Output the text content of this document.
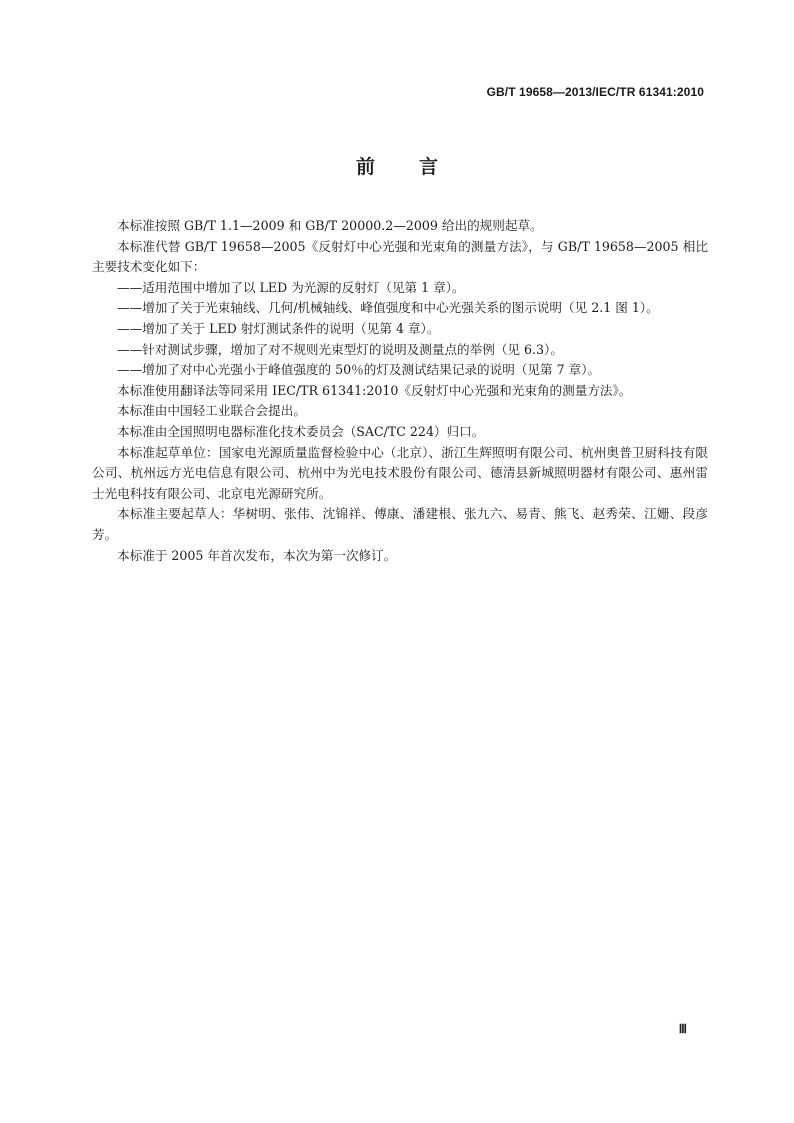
GB/T 19658—2013/IEC/TR 61341:2010
前 言

本标准按照 GB/T 1.1—2009 和 GB/T 20000.2—2009 给出的规则起草。

本标准代替 GB/T 19658—2005《反射灯中心光强和光束角的测量方法》，与 GB/T 19658—2005 相比主要技术变化如下：

——适用范围中增加了以 LED 为光源的反射灯（见第 1 章）。

——增加了关于光束轴线、几何/机械轴线、峰值强度和中心光强关系的图示说明（见 2.1 图 1）。

——增加了关于 LED 射灯测试条件的说明（见第 4 章）。

——针对测试步骤，增加了对不规则光束型灯的说明及测量点的举例（见 6.3）。

——增加了对中心光强小于峰值强度的 50％的灯及测试结果记录的说明（见第 7 章）。

本标准使用翻译法等同采用 IEC/TR 61341:2010《反射灯中心光强和光束角的测量方法》。

本标准由中国轻工业联合会提出。

本标准由全国照明电器标准化技术委员会（SAC/TC 224）归口。

本标准起草单位：国家电光源质量监督检验中心（北京）、浙江生辉照明有限公司、杭州奥普卫厨科技有限公司、杭州远方光电信息有限公司、杭州中为光电技术股份有限公司、德清县新城照明器材有限公司、惠州雷士光电科技有限公司、北京电光源研究所。

本标准主要起草人：华树明、张伟、沈锦祥、傅康、潘建根、张九六、易青、熊飞、赵秀荣、江姗、段彦芳。

本标准于 2005 年首次发布，本次为第一次修订。

Ⅲ
